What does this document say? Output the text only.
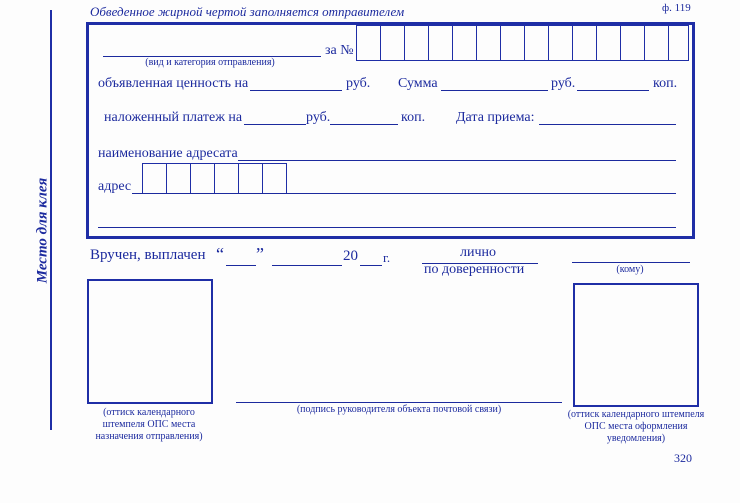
Обведенное жирной чертой заполняется отправителем	ф. 119
Место для клея
(вид и категория отправления)
за №
объявленная ценность на	руб. Сумма	руб.	коп.
наложенный платеж на	руб.	коп. Дата приема:
наименование адресата
адрес
Вручен, выплачен “ ”	20 г.	лично
по доверенности	(кому)
(оттиск календарного штемпеля ОПС места назначения отправления)
(подпись руководителя объекта почтовой связи)	(оттиск календарного штемпеля ОПС места оформления уведомления)
320
